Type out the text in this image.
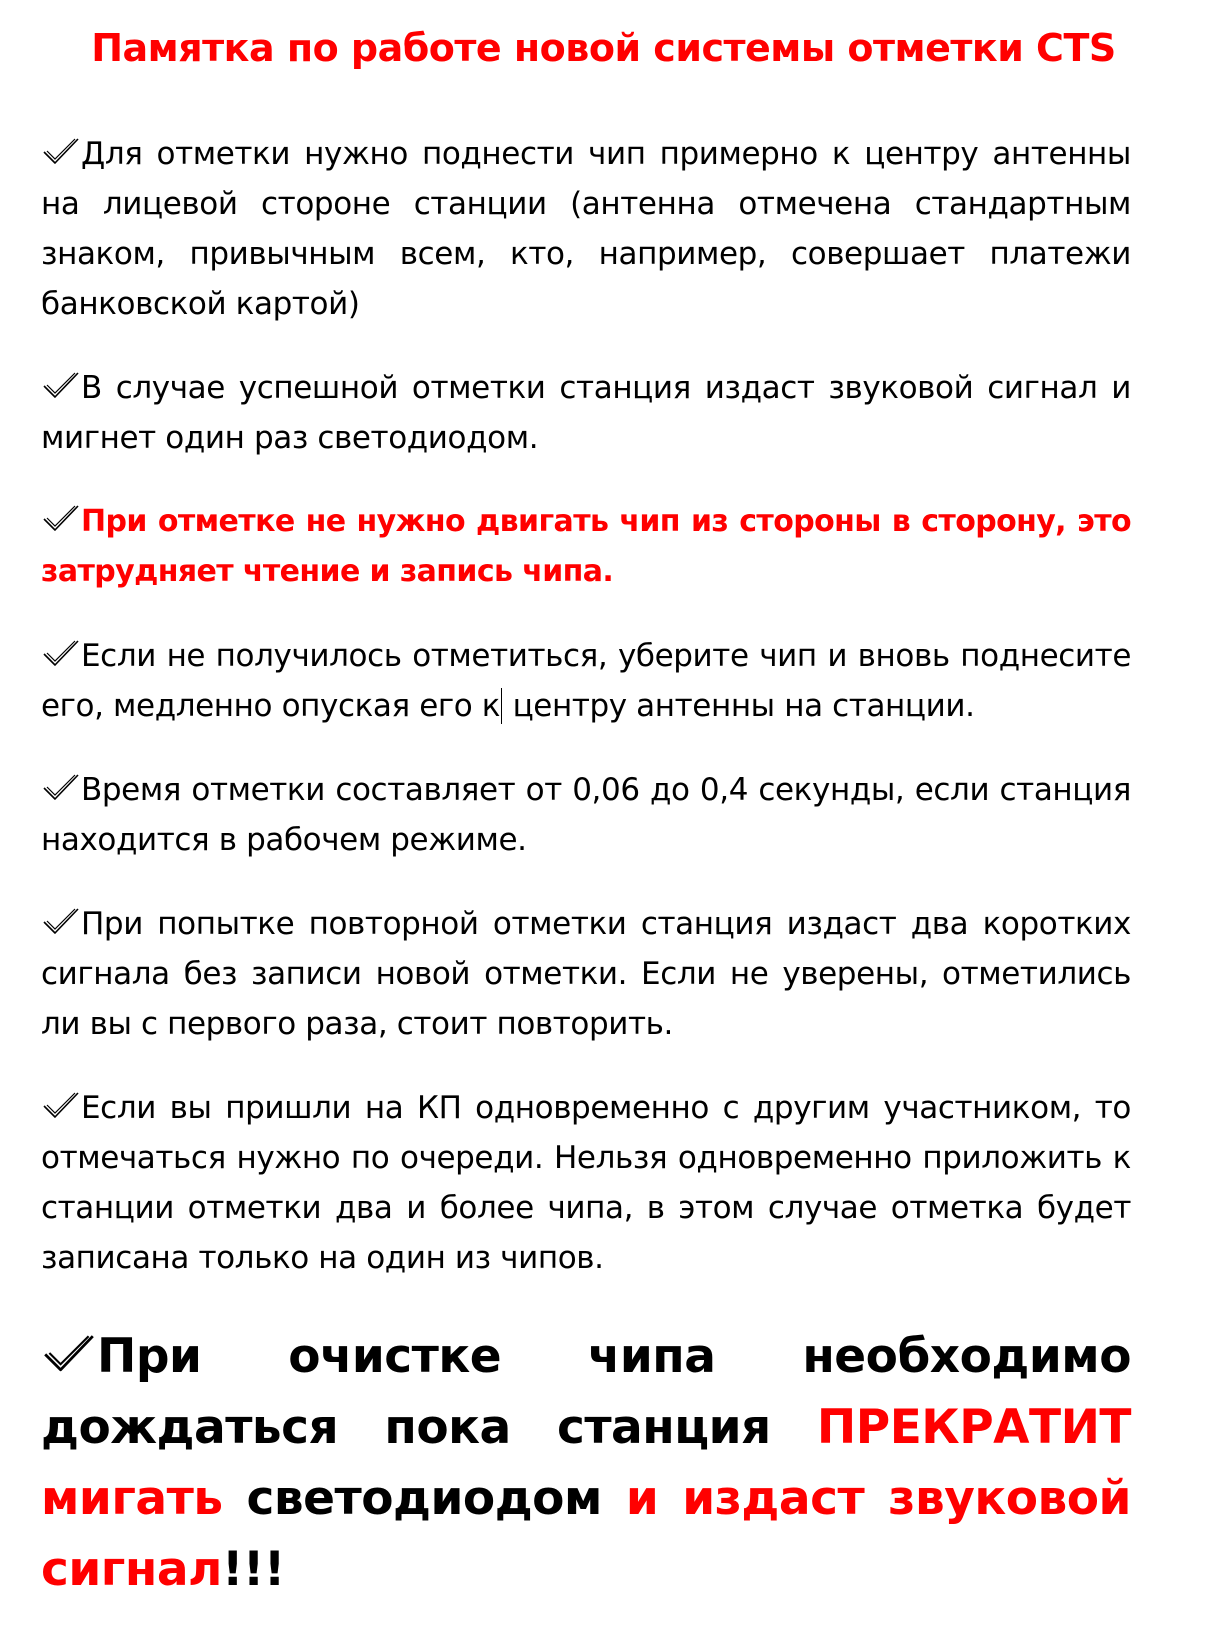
Памятка по работе новой системы отметки CTS

Для отметки нужно поднести чип примерно к центру антенны на лицевой стороне станции (антенна отмечена стандартным знаком, привычным всем, кто, например, совершает платежи банковской картой)

В случае успешной отметки станция издаст звуковой сигнал и мигнет один раз светодиодом.

При отметке не нужно двигать чип из стороны в сторону, это затрудняет чтение и запись чипа.

Если не получилось отметиться, уберите чип и вновь поднесите его, медленно опуская его к центру антенны на станции.

Время отметки составляет от 0,06 до 0,4 секунды, если станция находится в рабочем режиме.

При попытке повторной отметки станция издаст два коротких сигнала без записи новой отметки. Если не уверены, отметились ли вы с первого раза, стоит повторить.

Если вы пришли на КП одновременно с другим участником, то отмечаться нужно по очереди. Нельзя одновременно приложить к станции отметки два и более чипа, в этом случае отметка будет записана только на один из чипов.

При очистке чипа необходимо дождаться пока станция ПРЕКРАТИТ мигать светодиодом и издаст звуковой сигнал!!!
